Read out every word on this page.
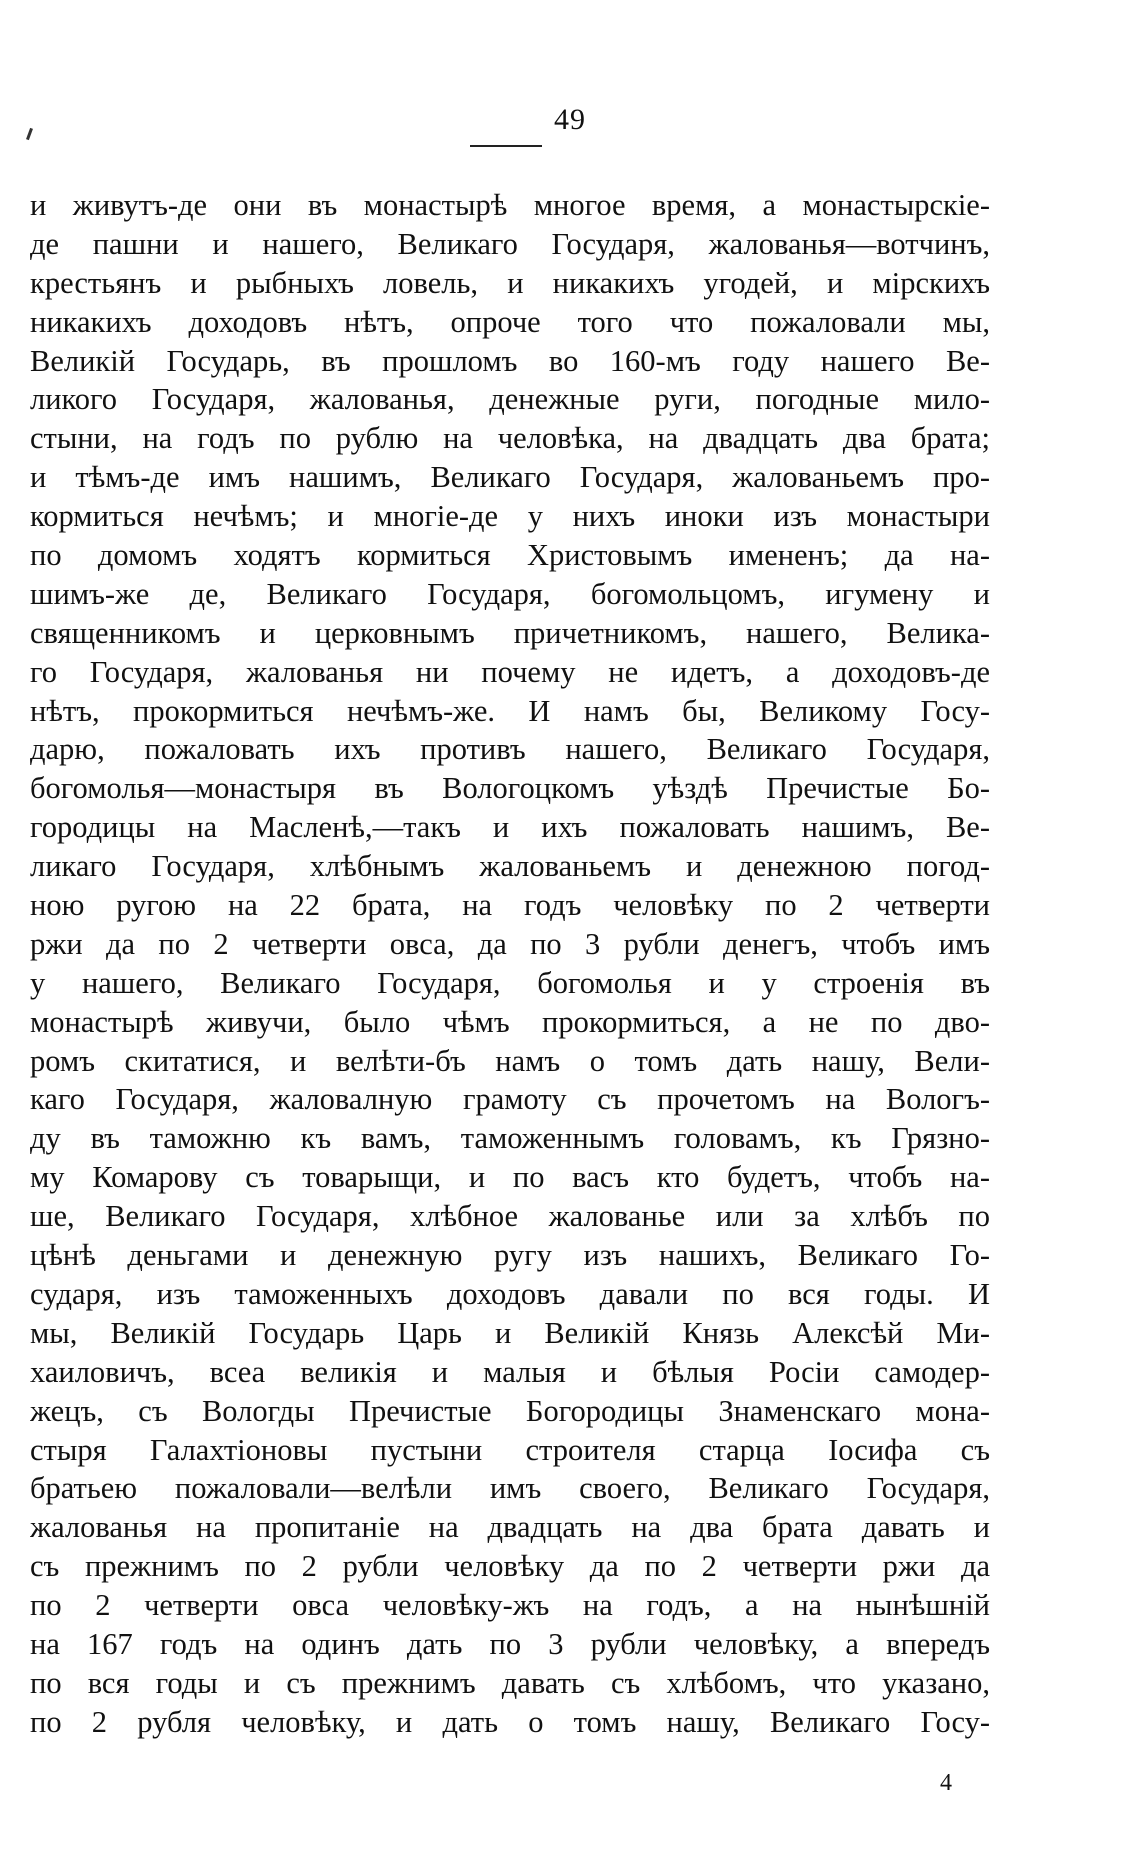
49
и живутъ-де они въ монастырѣ многое время, а монастырскіе-
де пашни и нашего, Великаго Государя, жалованья—вотчинъ,
крестьянъ и рыбныхъ ловель, и никакихъ угодей, и мірскихъ
никакихъ доходовъ нѣтъ, опроче того что пожаловали мы,
Великій Государь, въ прошломъ во 160-мъ году нашего Ве-
ликого Государя, жалованья, денежные руги, погодные мило-
стыни, на годъ по рублю на человѣка, на двадцать два брата;
и тѣмъ-де имъ нашимъ, Великаго Государя, жалованьемъ про-
кормиться нечѣмъ; и многіе-де у нихъ иноки изъ монастыри
по домомъ ходятъ кормиться Христовымъ имененъ; да на-
шимъ-же де, Великаго Государя, богомольцомъ, игумену и
священникомъ и церковнымъ причетникомъ, нашего, Велика-
го Государя, жалованья ни почему не идетъ, а доходовъ-де
нѣтъ, прокормиться нечѣмъ-же. И намъ бы, Великому Госу-
дарю, пожаловать ихъ противъ нашего, Великаго Государя,
богомолья—монастыря въ Вологоцкомъ уѣздѣ Пречистые Бо-
городицы на Масленѣ,—такъ и ихъ пожаловать нашимъ, Ве-
ликаго Государя, хлѣбнымъ жалованьемъ и денежною погод-
ною ругою на 22 брата, на годъ человѣку по 2 четверти
ржи да по 2 четверти овса, да по 3 рубли денегъ, чтобъ имъ
у нашего, Великаго Государя, богомолья и у строенія въ
монастырѣ живучи, было чѣмъ прокормиться, а не по дво-
ромъ скитатися, и велѣти-бъ намъ о томъ дать нашу, Вели-
каго Государя, жаловалную грамоту съ прочетомъ на Вологъ-
ду въ таможню къ вамъ, таможеннымъ головамъ, къ Грязно-
му Комарову съ товарыщи, и по васъ кто будетъ, чтобъ на-
ше, Великаго Государя, хлѣбное жалованье или за хлѣбъ по
цѣнѣ деньгами и денежную ругу изъ нашихъ, Великаго Го-
сударя, изъ таможенныхъ доходовъ давали по вся годы. И
мы, Великій Государь Царь и Великій Князь Алексѣй Ми-
хаиловичъ, всеа великія и малыя и бѣлыя Росіи самодер-
жецъ, съ Вологды Пречистые Богородицы Знаменскаго мона-
стыря Галахтіоновы пустыни строителя старца Іосифа съ
братьею пожаловали—велѣли имъ своего, Великаго Государя,
жалованья на пропитаніе на двадцать на два брата давать и
съ прежнимъ по 2 рубли человѣку да по 2 четверти ржи да
по 2 четверти овса человѣку-жъ на годъ, а на нынѣшній
на 167 годъ на одинъ дать по 3 рубли человѣку, а впередъ
по вся годы и съ прежнимъ давать съ хлѣбомъ, что указано,
по 2 рубля человѣку, и дать о томъ нашу, Великаго Госу-
4
